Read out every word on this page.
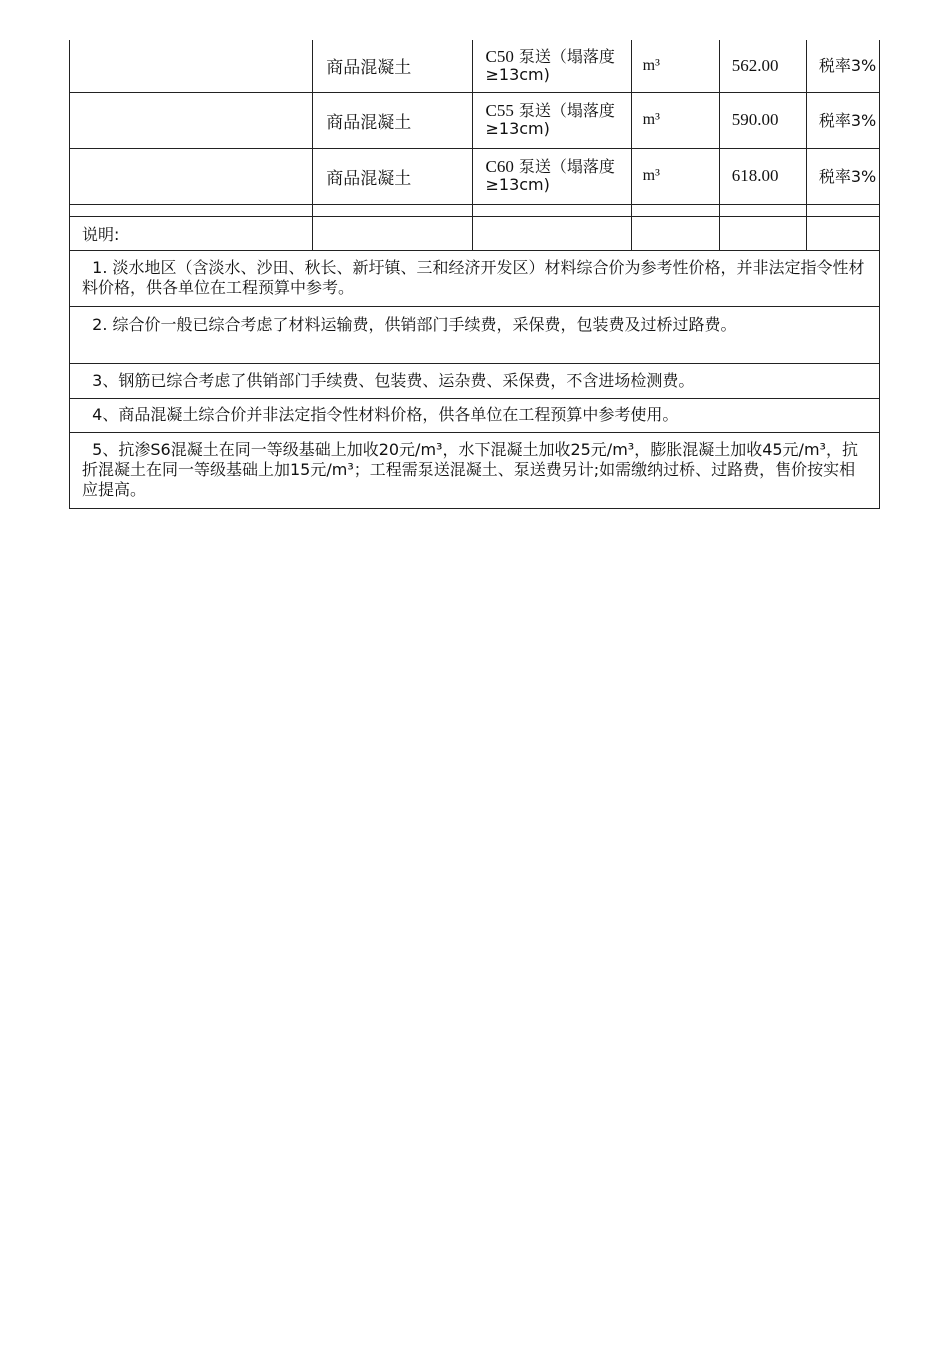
	商品混凝土	C50 泵送（塌落度≥13cm)	m³	562.00	税率3%
	商品混凝土	C55 泵送（塌落度≥13cm)	m³	590.00	税率3%
	商品混凝土	C60 泵送（塌落度≥13cm)	m³	618.00	税率3%

说明:					
1. 淡水地区（含淡水、沙田、秋长、新圩镇、三和经济开发区）材料综合价为参考性价格，并非法定指令性材料价格，供各单位在工程预算中参考。					
2. 综合价一般已综合考虑了材料运输费，供销部门手续费，采保费，包装费及过桥过路费。					
3、钢筋已综合考虑了供销部门手续费、包装费、运杂费、采保费，不含进场检测费。					
4、商品混凝土综合价并非法定指令性材料价格，供各单位在工程预算中参考使用。					
5、抗渗S6混凝土在同一等级基础上加收20元/m³，水下混凝土加收25元/m³，膨胀混凝土加收45元/m³，抗折混凝土在同一等级基础上加15元/m³；工程需泵送混凝土、泵送费另计;如需缴纳过桥、过路费，售价按实相应提高。					
